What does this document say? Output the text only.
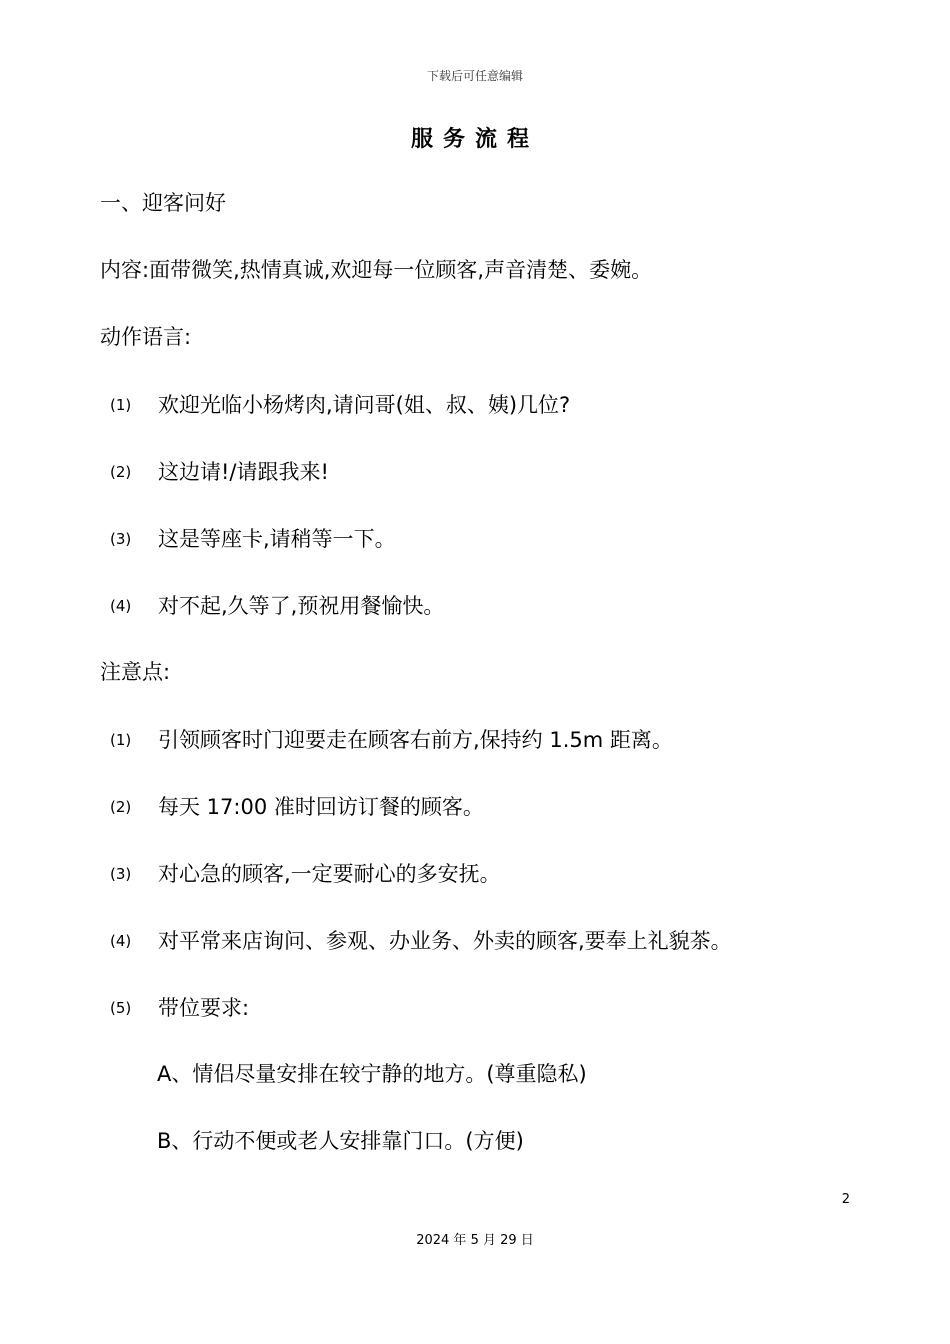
下载后可任意编辑
服务流程
一、迎客问好
内容:面带微笑,热情真诚,欢迎每一位顾客,声音清楚、委婉。
动作语言:
(1) 欢迎光临小杨烤肉,请问哥(姐、叔、姨)几位?
(2) 这边请!/请跟我来!
(3) 这是等座卡,请稍等一下。
(4) 对不起,久等了,预祝用餐愉快。
注意点:
(1) 引领顾客时门迎要走在顾客右前方,保持约 1.5m 距离。
(2) 每天 17:00 准时回访订餐的顾客。
(3) 对心急的顾客,一定要耐心的多安抚。
(4) 对平常来店询问、参观、办业务、外卖的顾客,要奉上礼貌茶。
(5) 带位要求:
A、情侣尽量安排在较宁静的地方。(尊重隐私)
B、行动不便或老人安排靠门口。(方便)
2
2024 年 5 月 29 日
